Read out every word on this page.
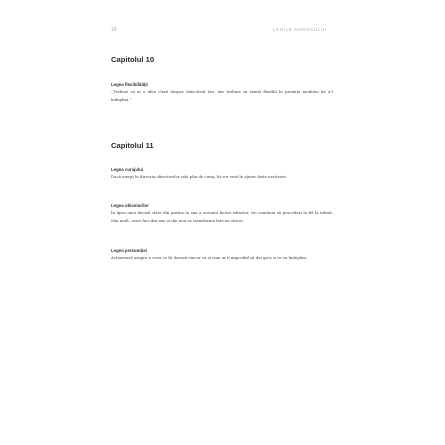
18	LEGILE NOROCULUI
Capitolul 10
Legea flexibilității
„Trebuie să ai o idee clară despre obiectivul tău, dar trebuie să rămâi flexibil în privința modului de a-l îndeplini.”
Capitolul 11
Legea curajului
Dacă mergi în direcția obiectivelor tale plin de curaj, îți vor veni în ajutor forțe nevăzute.
Legea obiceiurilor
În lipsa unei decizii clare din partea ta sau a vreunui factor exterior, vei continua să procedezi la fel la infinit. Mai mult, orice faci din nou și din nou se transformă într-un obicei.
Legea prezumției
Acționează asupra a ceea ce îți dorești sincer ca și cum ar fi imposibil să dai greș și se va îndeplini.
